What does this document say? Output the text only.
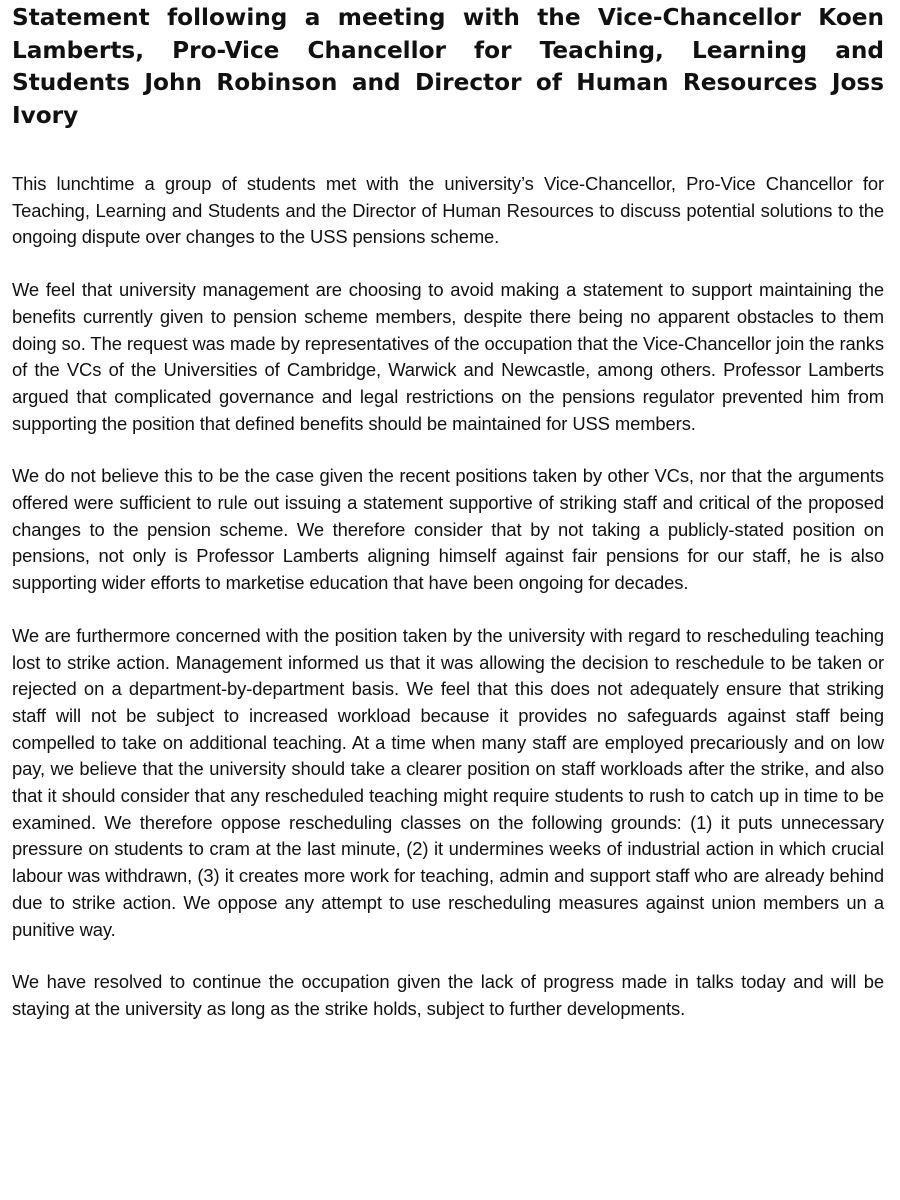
Statement following a meeting with the Vice-Chancellor Koen Lamberts, Pro-Vice Chancellor for Teaching, Learning and Students John Robinson and Director of Human Resources Joss Ivory

This lunchtime a group of students met with the university’s Vice-Chancellor, Pro-Vice Chancellor for Teaching, Learning and Students and the Director of Human Resources to discuss potential solutions to the ongoing dispute over changes to the USS pensions scheme.

We feel that university management are choosing to avoid making a statement to support maintaining the benefits currently given to pension scheme members, despite there being no apparent obstacles to them doing so. The request was made by representatives of the occupation that the Vice-Chancellor join the ranks of the VCs of the Universities of Cambridge, Warwick and Newcastle, among others. Professor Lamberts argued that complicated governance and legal restrictions on the pensions regulator prevented him from supporting the position that defined benefits should be maintained for USS members.

We do not believe this to be the case given the recent positions taken by other VCs, nor that the arguments offered were sufficient to rule out issuing a statement supportive of striking staff and critical of the proposed changes to the pension scheme. We therefore consider that by not taking a publicly-stated position on pensions, not only is Professor Lamberts aligning himself against fair pensions for our staff, he is also supporting wider efforts to marketise education that have been ongoing for decades.

We are furthermore concerned with the position taken by the university with regard to rescheduling teaching lost to strike action. Management informed us that it was allowing the decision to reschedule to be taken or rejected on a department-by-department basis. We feel that this does not adequately ensure that striking staff will not be subject to increased workload because it provides no safeguards against staff being compelled to take on additional teaching. At a time when many staff are employed precariously and on low pay, we believe that the university should take a clearer position on staff workloads after the strike, and also that it should consider that any rescheduled teaching might require students to rush to catch up in time to be examined. We therefore oppose rescheduling classes on the following grounds: (1) it puts unnecessary pressure on students to cram at the last minute, (2) it undermines weeks of industrial action in which crucial labour was withdrawn, (3) it creates more work for teaching, admin and support staff who are already behind due to strike action. We oppose any attempt to use rescheduling measures against union members un a punitive way.

We have resolved to continue the occupation given the lack of progress made in talks today and will be staying at the university as long as the strike holds, subject to further developments.
